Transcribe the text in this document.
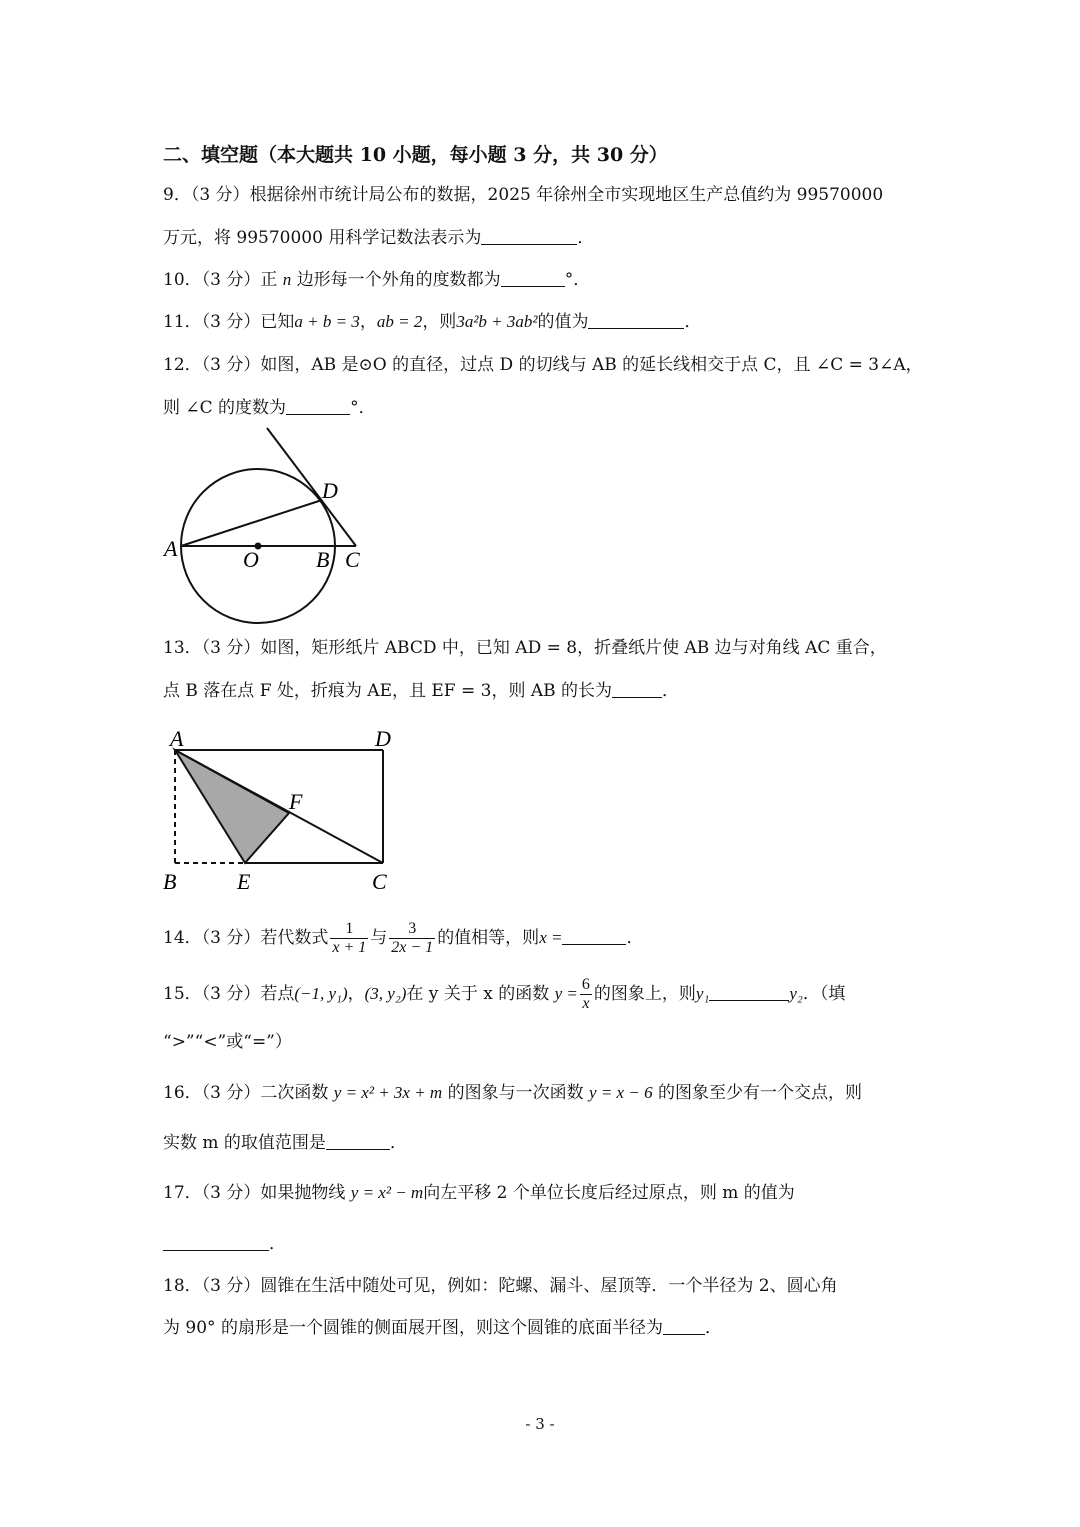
二、填空题（本大题共 10 小题，每小题 3 分，共 30 分）
9．（3 分）根据徐州市统计局公布的数据，2025 年徐州全市实现地区生产总值约为 99570000
万元，将 99570000 用科学记数法表示为	．
10．（3 分）正 n 边形每一个外角的度数都为	°．
11．（3 分）已知a + b = 3，ab = 2，则3a²b + 3ab²的值为	．
12．（3 分）如图，AB 是⊙O 的直径，过点 D 的切线与 AB 的延长线相交于点 C，且 ∠C = 3∠A，
则 ∠C 的度数为	°．
A	O	B C
D
13．（3 分）如图，矩形纸片 ABCD 中，已知 AD = 8，折叠纸片使 AB 边与对角线 AC 重合，
点 B 落在点 F 处，折痕为 AE，且 EF = 3，则 AB 的长为	．
A	D
B	E	C
F
14．（3 分）若代数式 $\frac{1}{x + 1}$ 与 $\frac{3}{2x - 1}$ 的值相等，则x =	．
15．（3 分）若点(−1, y₁)，(3, y₂)在 y 关于 x 的函数 $y = \frac{6}{x}$ 的图象上，则y₁	y₂．（填
“>”“<”或“=”）
16．（3 分）二次函数 y = x² + 3x + m 的图象与一次函数 y = x − 6 的图象至少有一个交点，则
实数 m 的取值范围是	．
17．（3 分）如果抛物线 y = x² − m向左平移 2 个单位长度后经过原点，则 m 的值为
．
18．（3 分）圆锥在生活中随处可见，例如：陀螺、漏斗、屋顶等．一个半径为 2、圆心角
为 90° 的扇形是一个圆锥的侧面展开图，则这个圆锥的底面半径为 ．
- 3 -
